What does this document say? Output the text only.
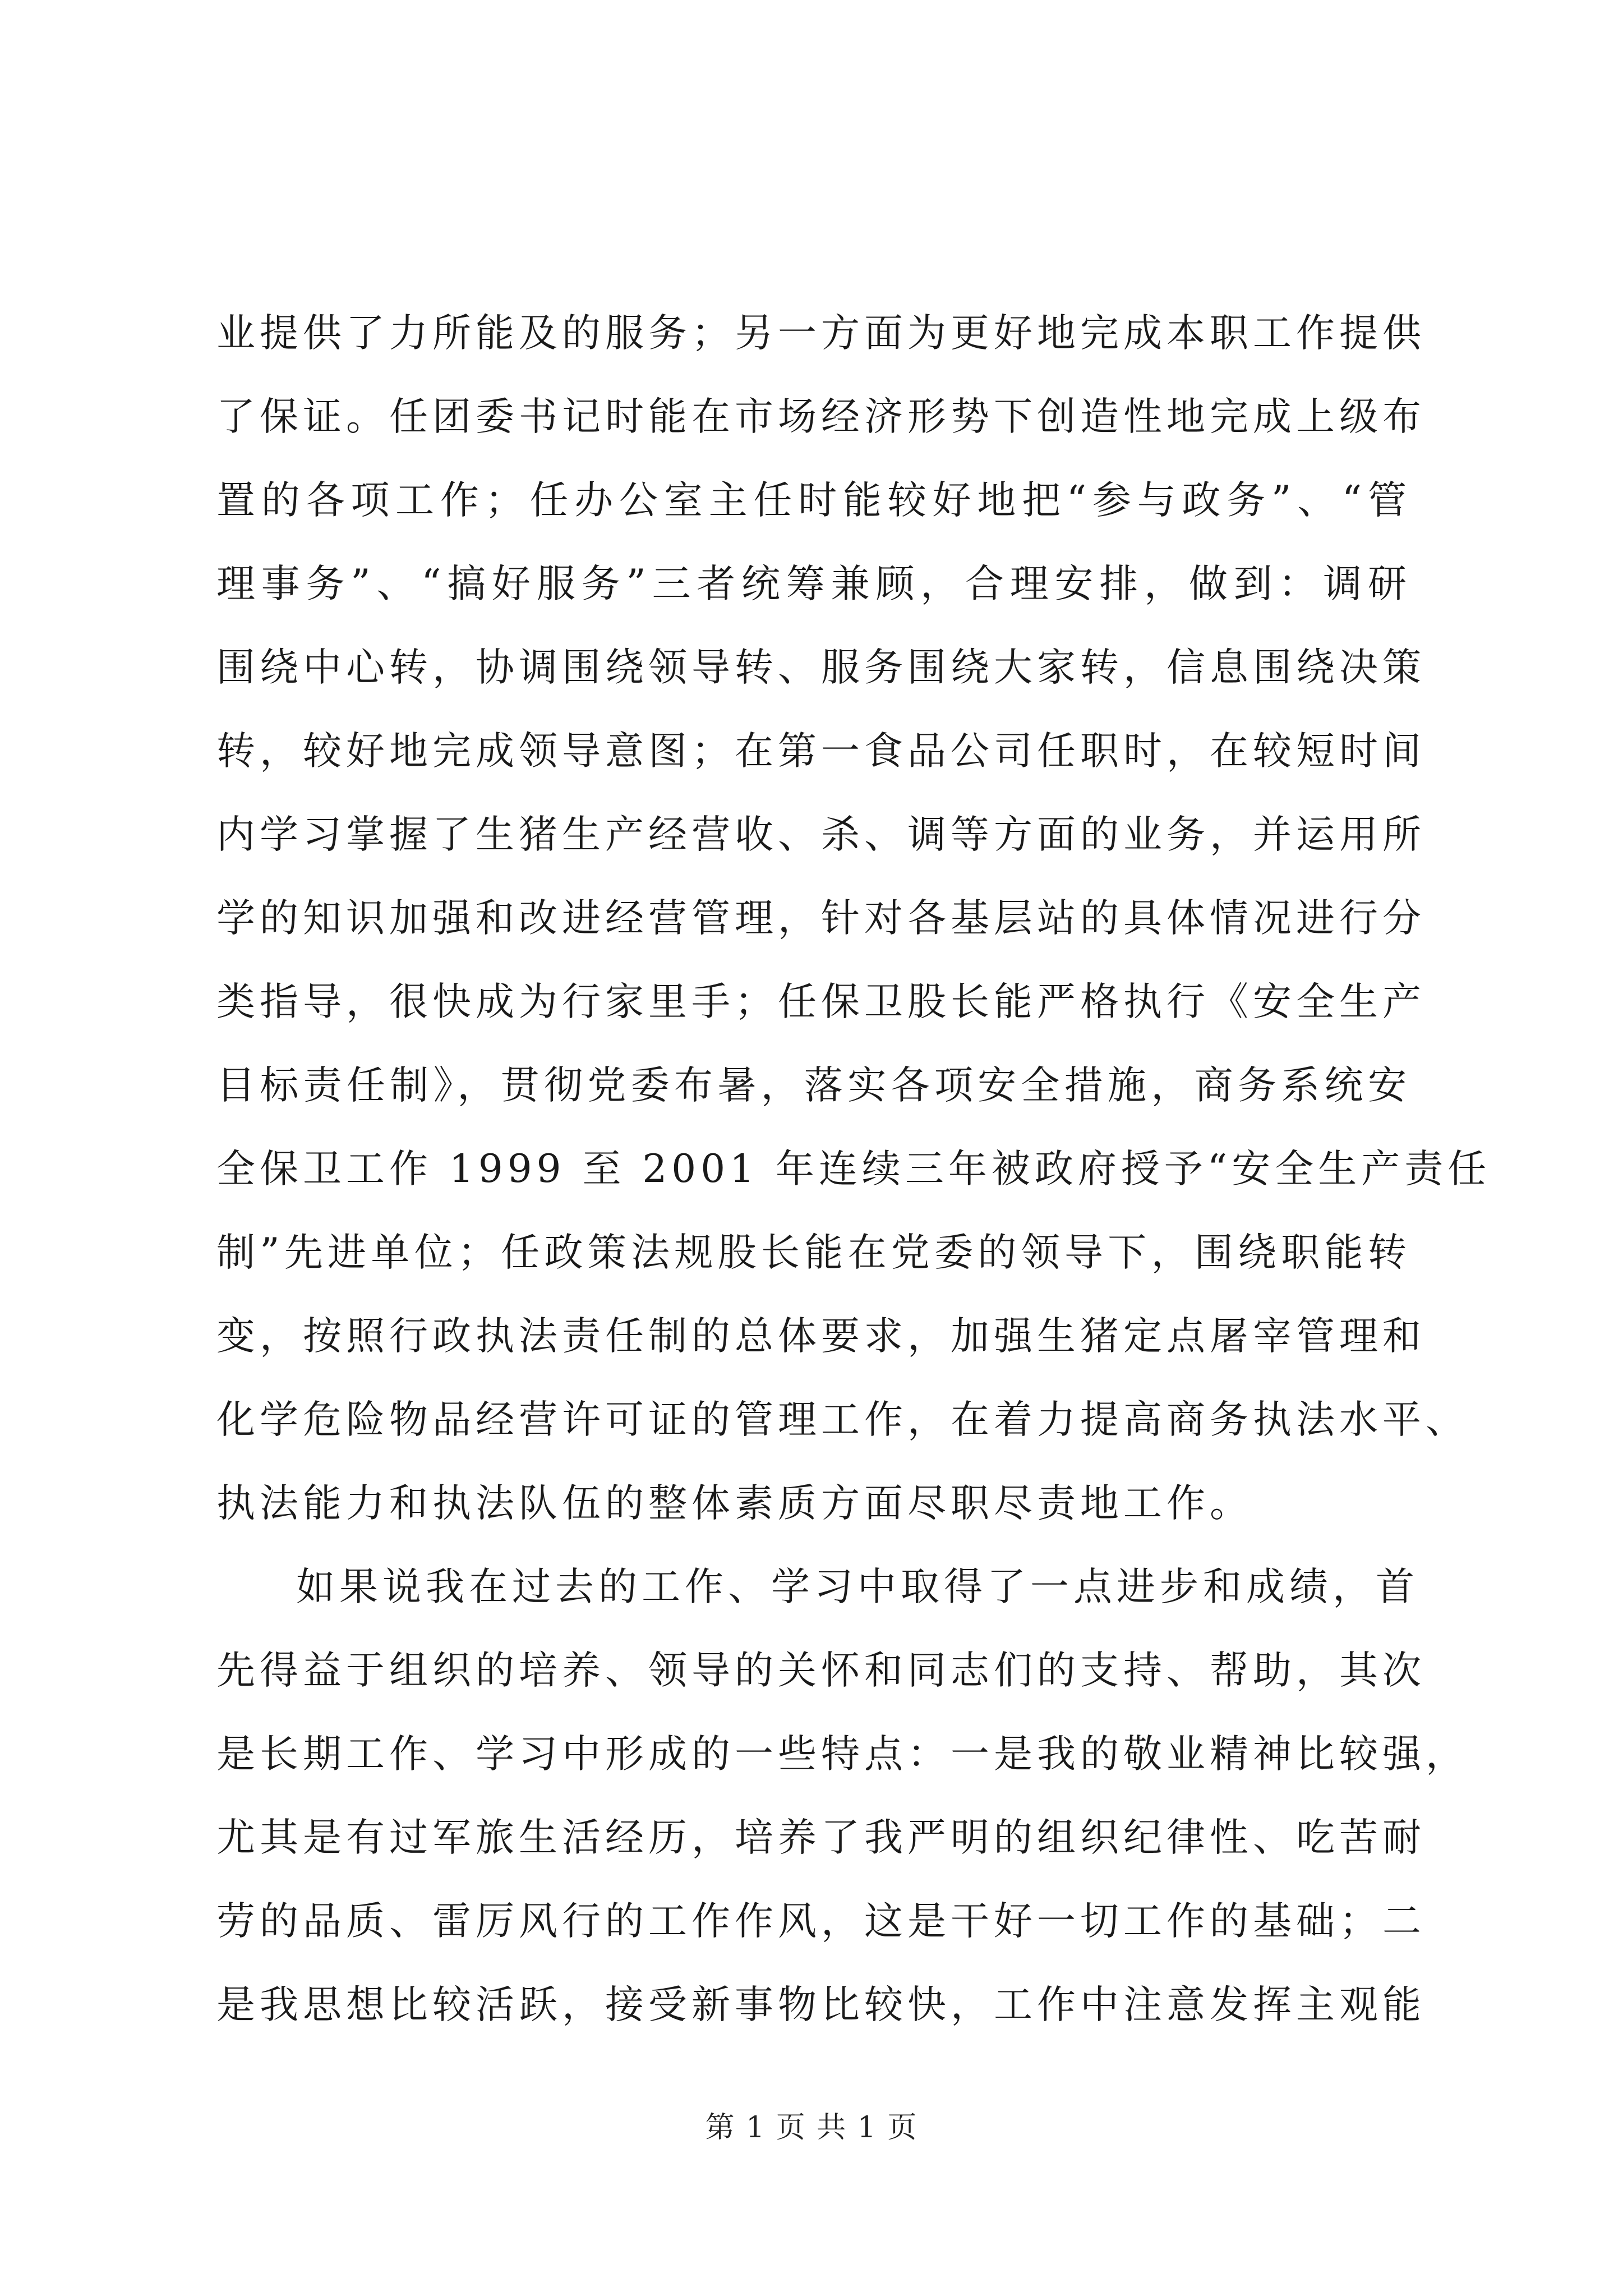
业提供了力所能及的服务；另一方面为更好地完成本职工作提供
了保证。任团委书记时能在市场经济形势下创造性地完成上级布
置的各项工作；任办公室主任时能较好地把“参与政务”、“管
理事务”、“搞好服务”三者统筹兼顾，合理安排，做到：调研
围绕中心转，协调围绕领导转、服务围绕大家转，信息围绕决策
转，较好地完成领导意图；在第一食品公司任职时，在较短时间
内学习掌握了生猪生产经营收、杀、调等方面的业务，并运用所
学的知识加强和改进经营管理，针对各基层站的具体情况进行分
类指导，很快成为行家里手；任保卫股长能严格执行《安全生产
目标责任制》，贯彻党委布暑，落实各项安全措施，商务系统安
全保卫工作 1999 至 2001 年连续三年被政府授予“安全生产责任
制”先进单位；任政策法规股长能在党委的领导下，围绕职能转
变，按照行政执法责任制的总体要求，加强生猪定点屠宰管理和
化学危险物品经营许可证的管理工作，在着力提高商务执法水平、
执法能力和执法队伍的整体素质方面尽职尽责地工作。

如果说我在过去的工作、学习中取得了一点进步和成绩，首
先得益于组织的培养、领导的关怀和同志们的支持、帮助，其次
是长期工作、学习中形成的一些特点：一是我的敬业精神比较强，
尤其是有过军旅生活经历，培养了我严明的组织纪律性、吃苦耐
劳的品质、雷厉风行的工作作风，这是干好一切工作的基础；二
是我思想比较活跃，接受新事物比较快，工作中注意发挥主观能

第 1 页 共 1 页
